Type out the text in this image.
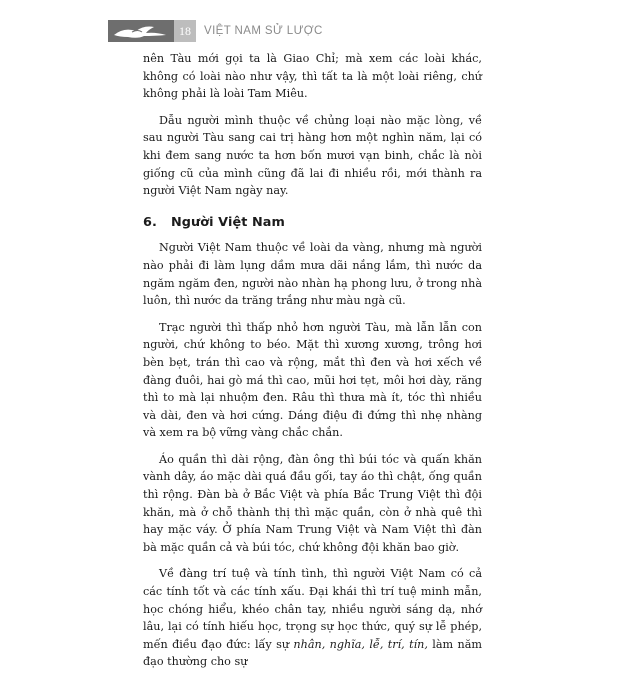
18	VIỆT NAM SỬ LƯỢC

nên Tàu mới gọi ta là Giao Chỉ; mà xem các loài khác, không có loài nào như vậy, thì tất ta là một loài riêng, chứ không phải là loài Tam Miêu.

Dẫu người mình thuộc về chủng loại nào mặc lòng, về sau người Tàu sang cai trị hàng hơn một nghìn năm, lại có khi đem sang nước ta hơn bốn mươi vạn binh, chắc là nòi giống cũ của mình cũng đã lai đi nhiều rồi, mới thành ra người Việt Nam ngày nay.

6. Người Việt Nam

Người Việt Nam thuộc về loài da vàng, nhưng mà người nào phải đi làm lụng dầm mưa dãi nắng lắm, thì nước da ngăm ngăm đen, người nào nhàn hạ phong lưu, ở trong nhà luôn, thì nước da trăng trắng như màu ngà cũ.

Trạc người thì thấp nhỏ hơn người Tàu, mà lẫn lẫn con người, chứ không to béo. Mặt thì xương xương, trông hơi bèn bẹt, trán thì cao và rộng, mắt thì đen và hơi xếch về đàng đuôi, hai gò má thì cao, mũi hơi tẹt, môi hơi dày, răng thì to mà lại nhuộm đen. Râu thì thưa mà ít, tóc thì nhiều và dài, đen và hơi cứng. Dáng điệu đi đứng thì nhẹ nhàng và xem ra bộ vững vàng chắc chắn.

Áo quần thì dài rộng, đàn ông thì búi tóc và quấn khăn vành dây, áo mặc dài quá đầu gối, tay áo thì chật, ống quần thì rộng. Đàn bà ở Bắc Việt và phía Bắc Trung Việt thì đội khăn, mà ở chỗ thành thị thì mặc quần, còn ở nhà quê thì hay mặc váy. Ở phía Nam Trung Việt và Nam Việt thì đàn bà mặc quần cả và búi tóc, chứ không đội khăn bao giờ.

Về đàng trí tuệ và tính tình, thì người Việt Nam có cả các tính tốt và các tính xấu. Đại khái thì trí tuệ minh mẫn, học chóng hiểu, khéo chân tay, nhiều người sáng dạ, nhớ lâu, lại có tính hiếu học, trọng sự học thức, quý sự lễ phép, mến điều đạo đức: lấy sự nhân, nghĩa, lễ, trí, tín, làm năm đạo thường cho sự
